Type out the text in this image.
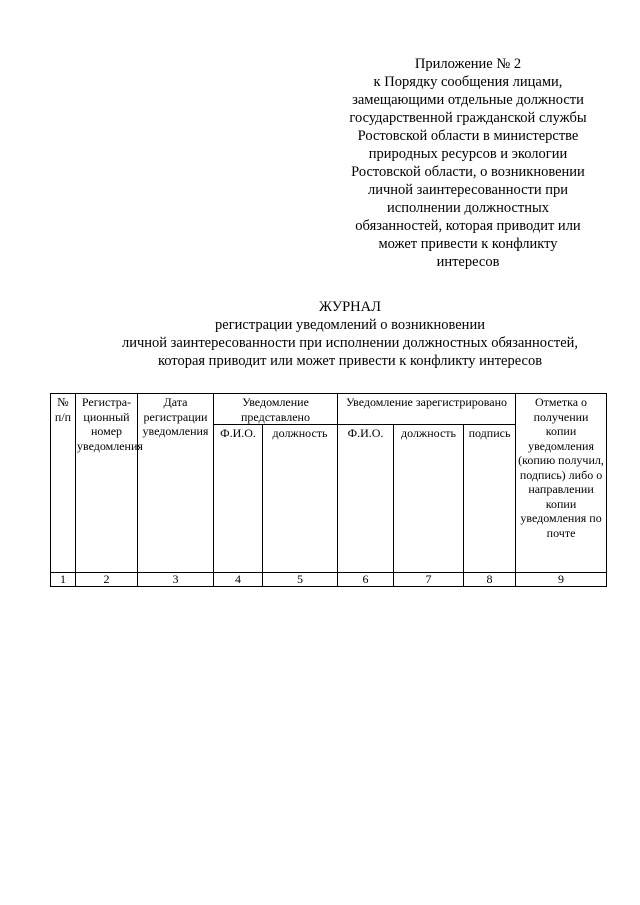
Приложение № 2
к Порядку сообщения лицами,
замещающими отдельные должности
государственной гражданской службы
Ростовской области в министерстве
природных ресурсов и экологии
Ростовской области, о возникновении
личной заинтересованности при
исполнении должностных
обязанностей, которая приводит или
может привести к конфликту
интересов
ЖУРНАЛ
регистрации уведомлений о возникновении
личной заинтересованности при исполнении должностных обязанностей,
которая приводит или может привести к конфликту интересов
№ п/п	Регистра-ционный номер уведомления	Дата регистрации уведомления	Уведомление представлено		Уведомление зарегистрировано			Отметка о получении копии уведомления (копию получил, подпись) либо о направлении копии уведомления по почте
			Ф.И.О.	должность	Ф.И.О.	должность	подпись	
1	2	3	4	5	6	7	8	9
